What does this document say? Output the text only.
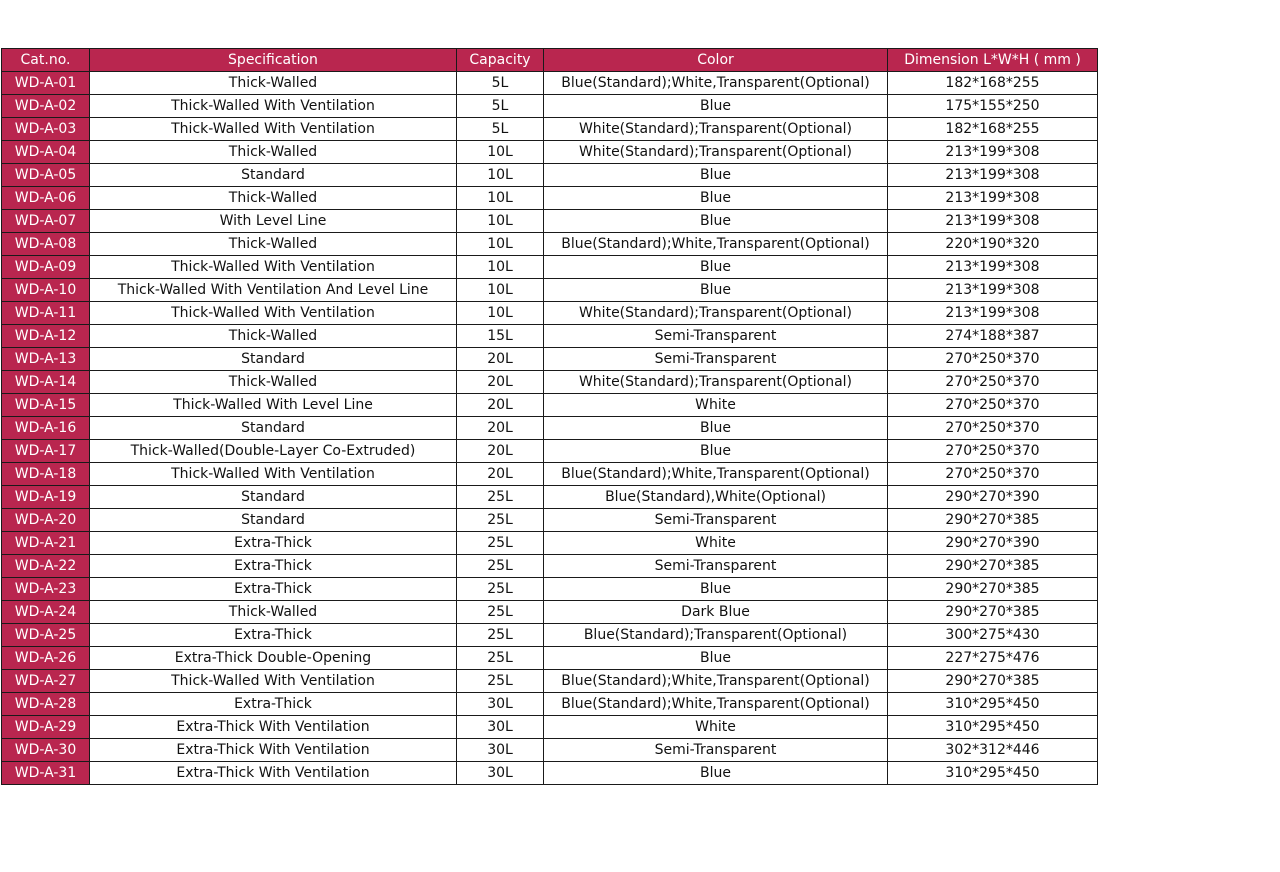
Cat.no.	Specification	Capacity	Color	Dimension L*W*H ( mm )
WD-A-01	Thick-Walled	5L	Blue(Standard);White,Transparent(Optional)	182*168*255
WD-A-02	Thick-Walled With Ventilation	5L	Blue	175*155*250
WD-A-03	Thick-Walled With Ventilation	5L	White(Standard);Transparent(Optional)	182*168*255
WD-A-04	Thick-Walled	10L	White(Standard);Transparent(Optional)	213*199*308
WD-A-05	Standard	10L	Blue	213*199*308
WD-A-06	Thick-Walled	10L	Blue	213*199*308
WD-A-07	With Level Line	10L	Blue	213*199*308
WD-A-08	Thick-Walled	10L	Blue(Standard);White,Transparent(Optional)	220*190*320
WD-A-09	Thick-Walled With Ventilation	10L	Blue	213*199*308
WD-A-10	Thick-Walled With Ventilation And Level Line	10L	Blue	213*199*308
WD-A-11	Thick-Walled With Ventilation	10L	White(Standard);Transparent(Optional)	213*199*308
WD-A-12	Thick-Walled	15L	Semi-Transparent	274*188*387
WD-A-13	Standard	20L	Semi-Transparent	270*250*370
WD-A-14	Thick-Walled	20L	White(Standard);Transparent(Optional)	270*250*370
WD-A-15	Thick-Walled With Level Line	20L	White	270*250*370
WD-A-16	Standard	20L	Blue	270*250*370
WD-A-17	Thick-Walled(Double-Layer Co-Extruded)	20L	Blue	270*250*370
WD-A-18	Thick-Walled With Ventilation	20L	Blue(Standard);White,Transparent(Optional)	270*250*370
WD-A-19	Standard	25L	Blue(Standard),White(Optional)	290*270*390
WD-A-20	Standard	25L	Semi-Transparent	290*270*385
WD-A-21	Extra-Thick	25L	White	290*270*390
WD-A-22	Extra-Thick	25L	Semi-Transparent	290*270*385
WD-A-23	Extra-Thick	25L	Blue	290*270*385
WD-A-24	Thick-Walled	25L	Dark Blue	290*270*385
WD-A-25	Extra-Thick	25L	Blue(Standard);Transparent(Optional)	300*275*430
WD-A-26	Extra-Thick Double-Opening	25L	Blue	227*275*476
WD-A-27	Thick-Walled With Ventilation	25L	Blue(Standard);White,Transparent(Optional)	290*270*385
WD-A-28	Extra-Thick	30L	Blue(Standard);White,Transparent(Optional)	310*295*450
WD-A-29	Extra-Thick With Ventilation	30L	White	310*295*450
WD-A-30	Extra-Thick With Ventilation	30L	Semi-Transparent	302*312*446
WD-A-31	Extra-Thick With Ventilation	30L	Blue	310*295*450
